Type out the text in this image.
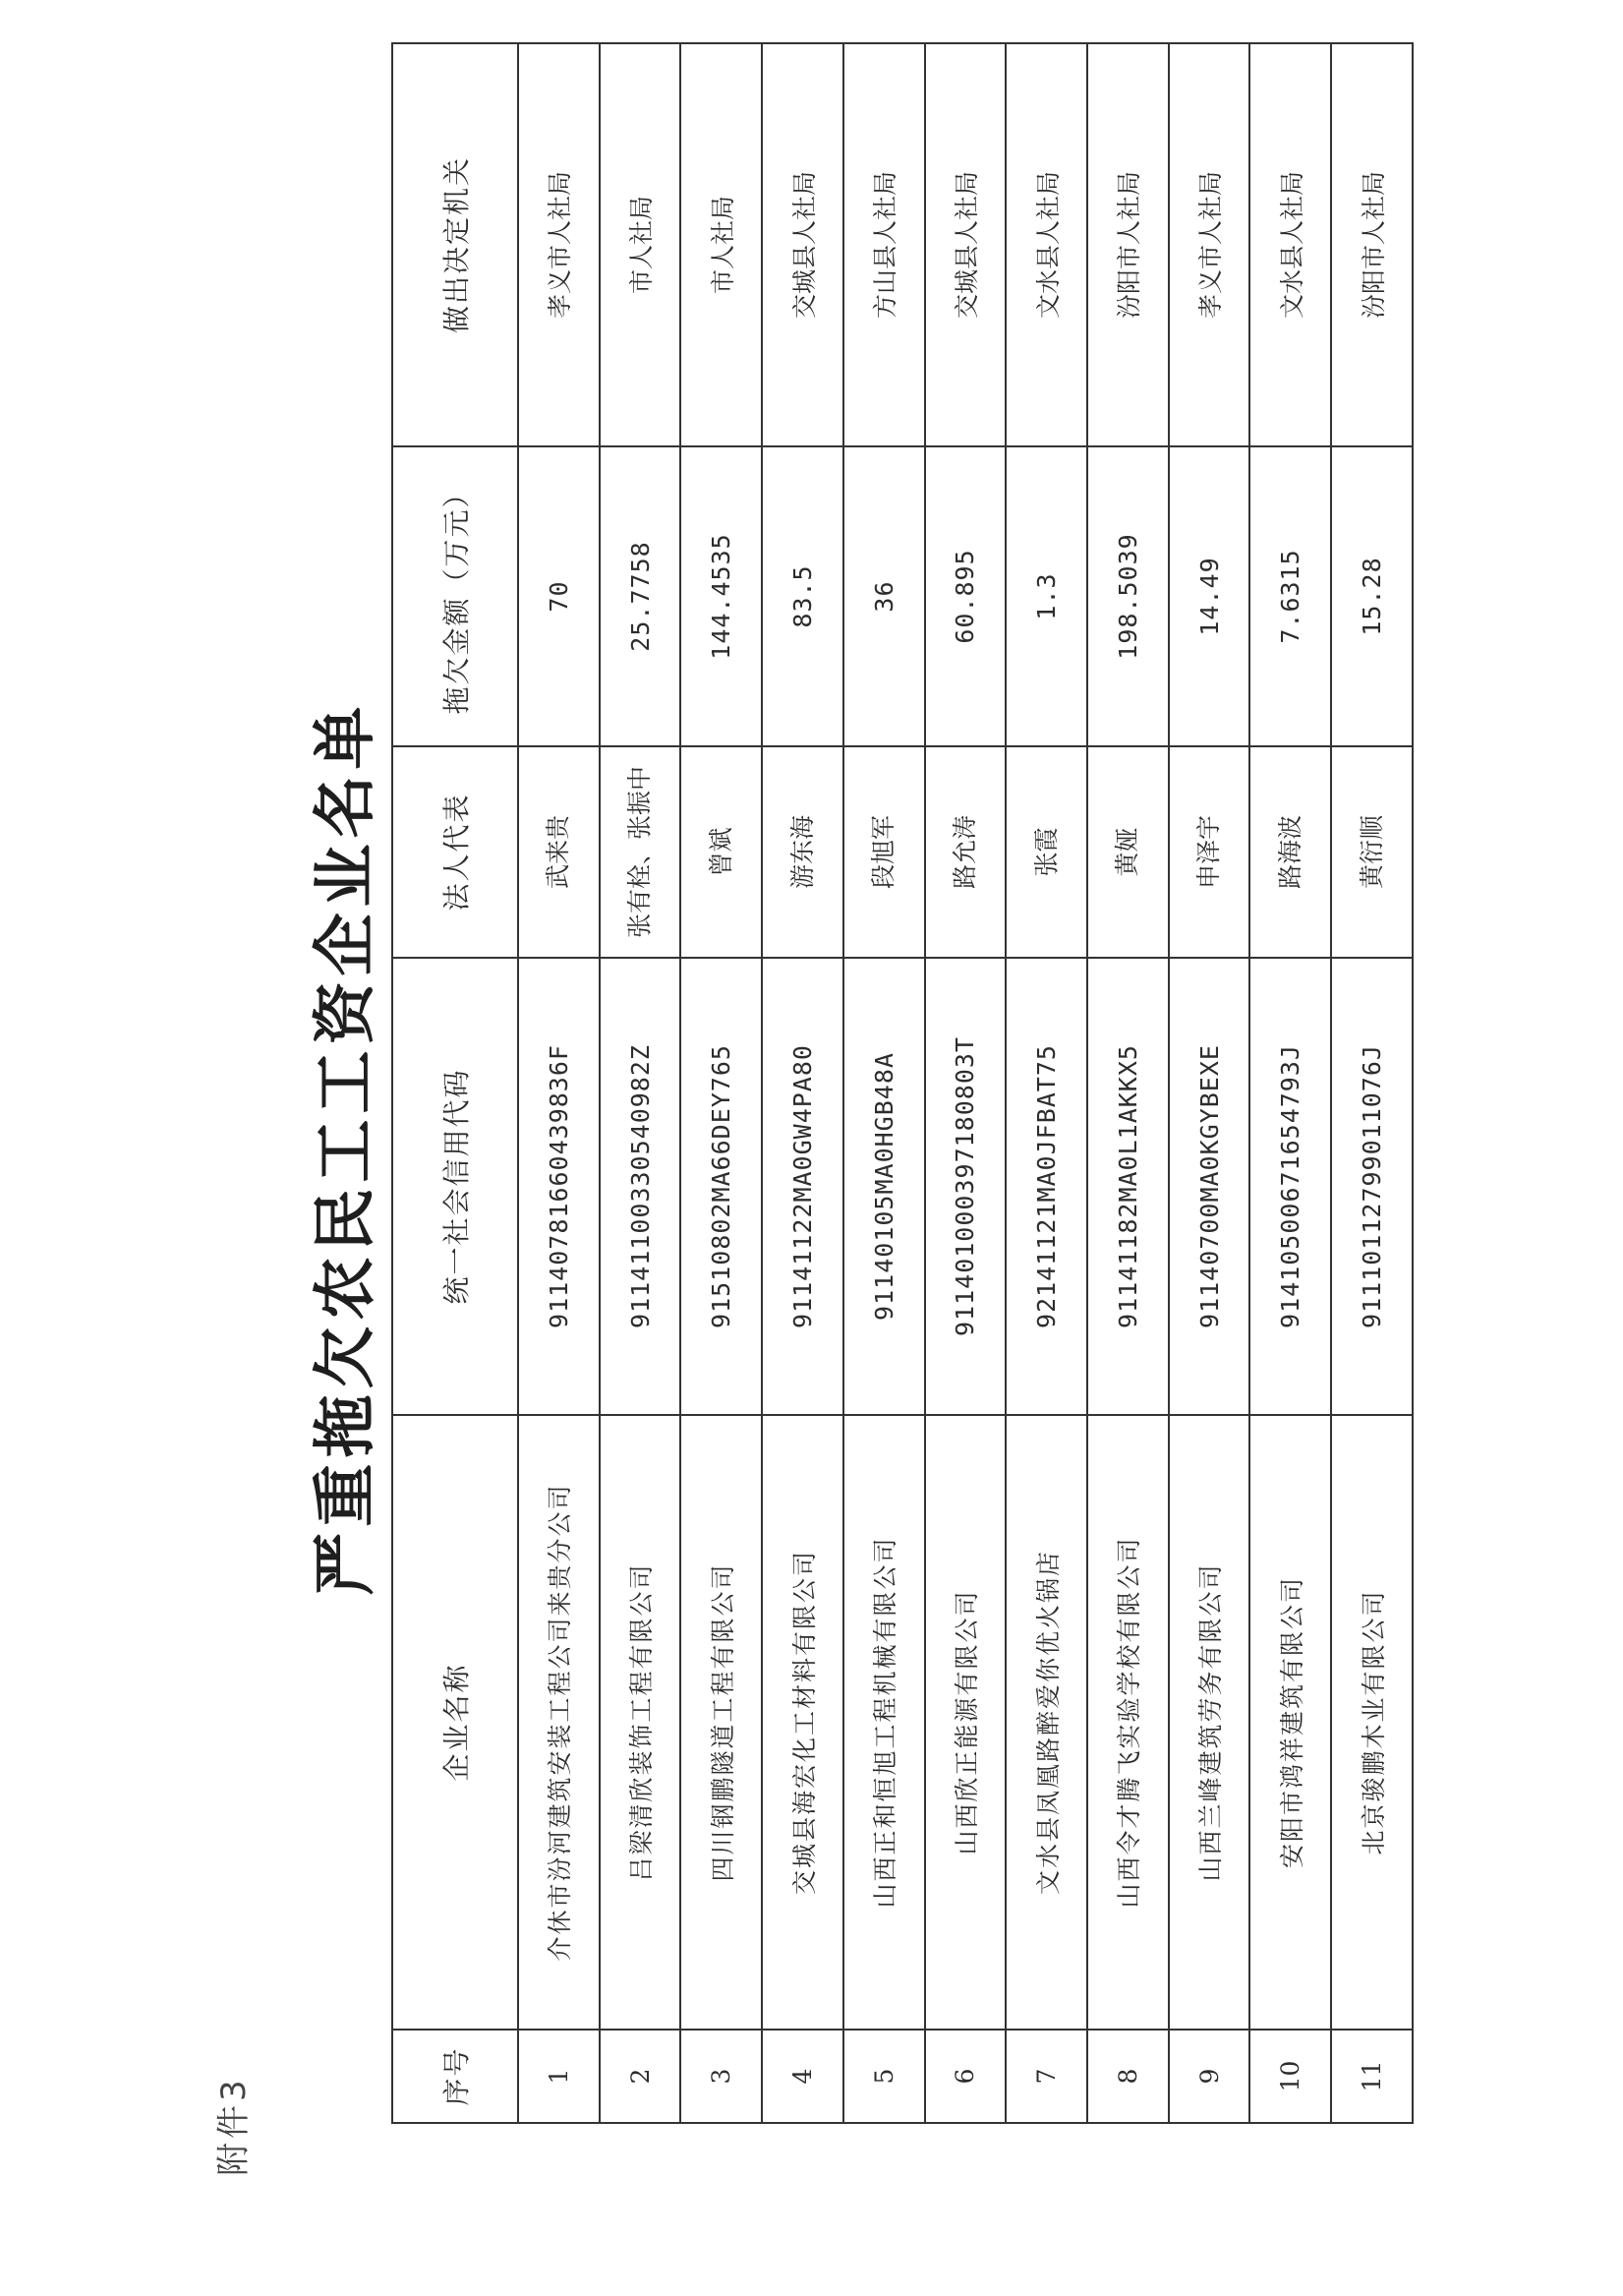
附件3
严重拖欠农民工工资企业名单
序号	企业名称	统一社会信用代码	法人代表	拖欠金额（万元）	做出决定机关
1	介休市汾河建筑安装工程公司来贵分公司	91140781660439836F	武来贵	70	孝义市人社局
2	吕梁清欣装饰工程有限公司	91141100330540982Z	张有栓、张振中	25.7758	市人社局
3	四川钢鹏隧道工程有限公司	91510802MA66DEY765	曾斌	144.4535	市人社局
4	交城县海宏化工材料有限公司	91141122MA0GW4PA80	游东海	83.5	交城县人社局
5	山西正和恒旭工程机械有限公司	91140105MA0HGB48A	段旭军	36	方山县人社局
6	山西欣正能源有限公司	911401000397180803T	路允涛	60.895	交城县人社局
7	文水县凤凰路醉爱你优火锅店	92141121MA0JFBAT75	张霞	1.3	文水县人社局
8	山西令才腾飞实验学校有限公司	91141182MA0L1AKKX5	黄娅	198.5039	汾阳市人社局
9	山西兰峰建筑劳务有限公司	91140700MA0KGYBEXE	申泽宇	14.49	孝义市人社局
10	安阳市鸿祥建筑有限公司	91410500671654793J	路海波	7.6315	文水县人社局
11	北京骏鹏木业有限公司	91110112799011076J	黄衍顺	15.28	汾阳市人社局
